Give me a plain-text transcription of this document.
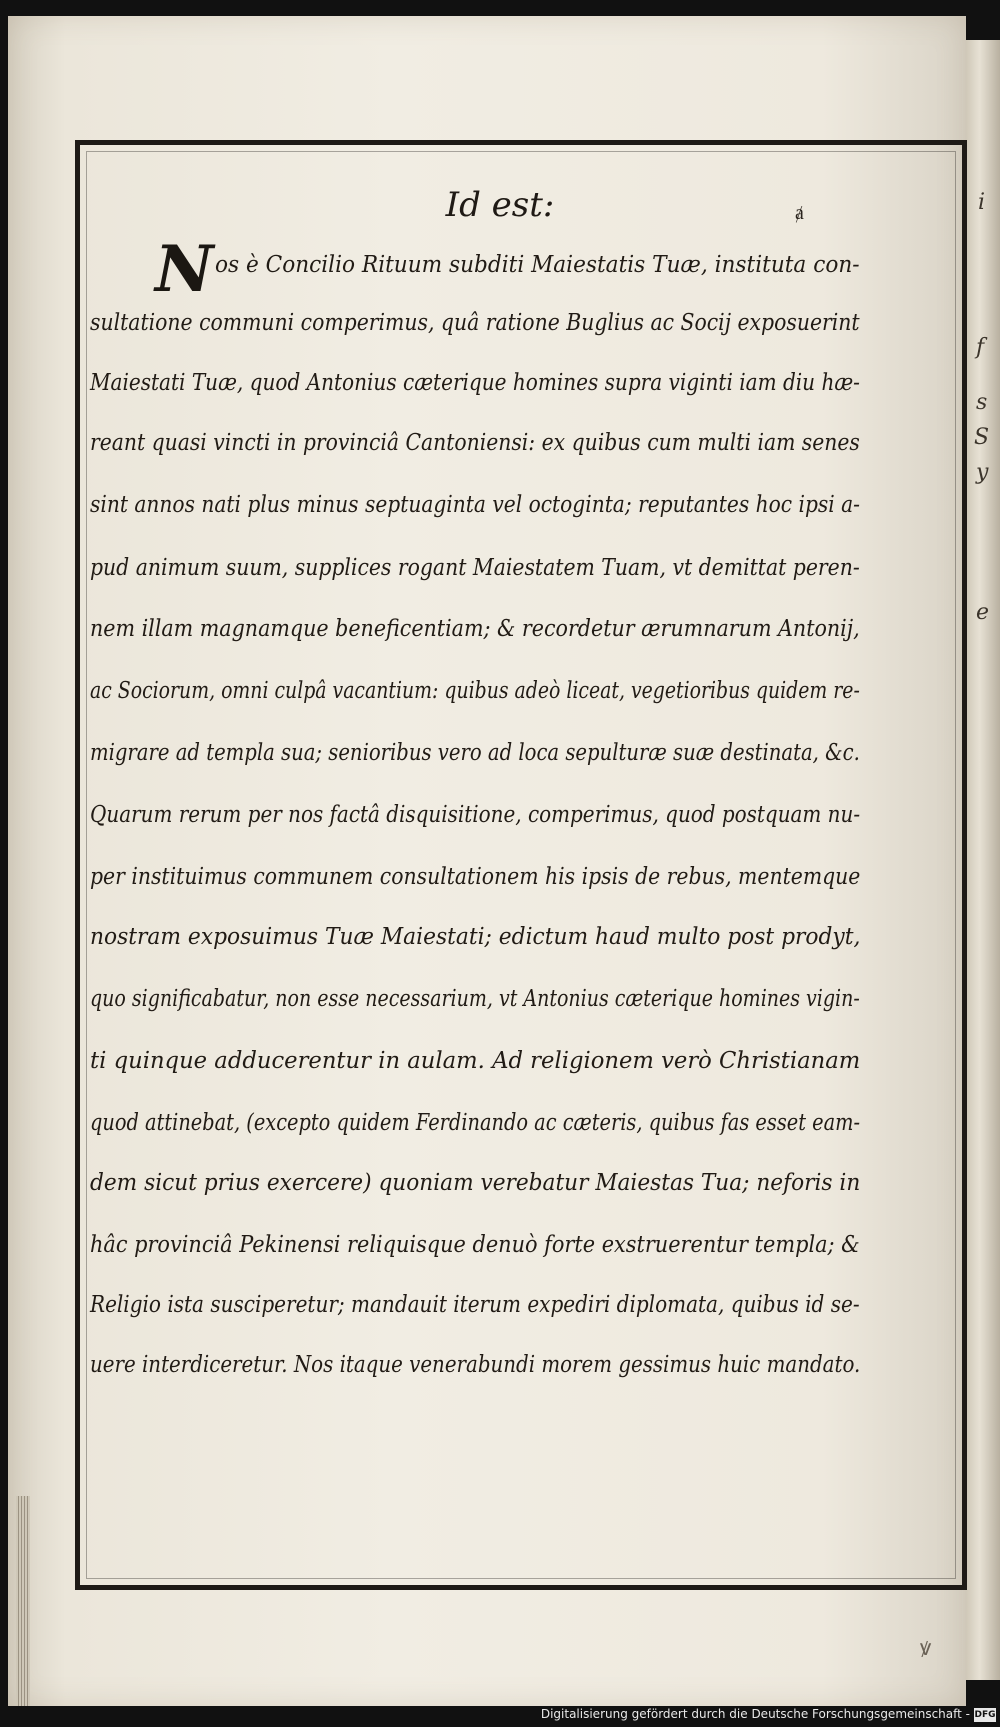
i
f
s
S
y
e
Id est:	ⱥ
N os è Concilio Rituum subditi Maiestatis Tuæ, instituta con-
sultatione communi comperimus, quâ ratione Buglius ac Socij exposuerint
Maiestati Tuæ, quod Antonius cæterique homines supra viginti iam diu hæ-
reant quasi vincti in provinciâ Cantoniensi: ex quibus cum multi iam senes
sint annos nati plus minus septuaginta vel octoginta; reputantes hoc ipsi a-
pud animum suum, supplices rogant Maiestatem Tuam, vt demittat peren-
nem illam magnamque beneficentiam; & recordetur ærumnarum Antonij,
ac Sociorum, omni culpâ vacantium: quibus adeò liceat, vegetioribus quidem re-
migrare ad templa sua; senioribus vero ad loca sepulturæ suæ destinata, &c.
Quarum rerum per nos factâ disquisitione, comperimus, quod postquam nu-
per instituimus communem consultationem his ipsis de rebus, mentemque
nostram exposuimus Tuæ Maiestati; edictum haud multo post prodyt,
quo significabatur, non esse necessarium, vt Antonius cæterique homines vigin-
ti quinque adducerentur in aulam. Ad religionem verò Christianam
quod attinebat, (excepto quidem Ferdinando ac cæteris, quibus fas esset eam-
dem sicut prius exercere) quoniam verebatur Maiestas Tua; neforis in
hâc provinciâ Pekinensi reliquisque denuò forte exstruerentur templa; &
Religio ista susciperetur; mandauit iterum expediri diplomata, quibus id se-
uere interdiceretur. Nos itaque venerabundi morem gessimus huic mandato.
ꝟ
Digitalisierung gefördert durch die Deutsche Forschungsgemeinschaft - DFG
